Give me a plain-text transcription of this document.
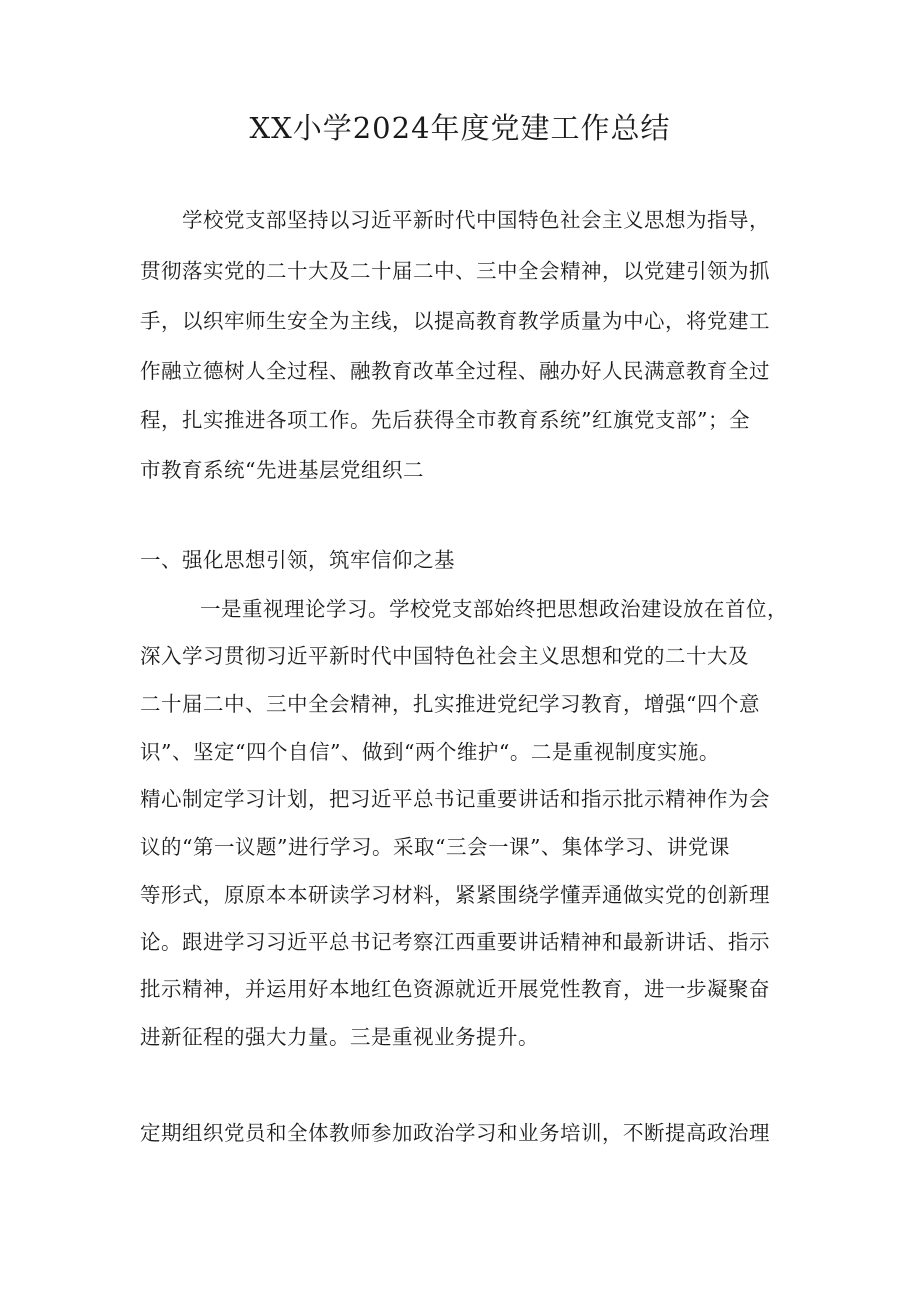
XX小学2024年度党建工作总结
学校党支部坚持以习近平新时代中国特色社会主义思想为指导，
贯彻落实党的二十大及二十届二中、三中全会精神，以党建引领为抓
手，以织牢师生安全为主线，以提高教育教学质量为中心，将党建工
作融立德树人全过程、融教育改革全过程、融办好人民满意教育全过
程，扎实推进各项工作。先后获得全市教育系统”红旗党支部”；全
市教育系统“先进基层党组织二
一、强化思想引领，筑牢信仰之基
一是重视理论学习。学校党支部始终把思想政治建设放在首位，
深入学习贯彻习近平新时代中国特色社会主义思想和党的二十大及
二十届二中、三中全会精神，扎实推进党纪学习教育，增强“四个意
识”、坚定“四个自信”、做到“两个维护“。二是重视制度实施。
精心制定学习计划，把习近平总书记重要讲话和指示批示精神作为会
议的“第一议题”进行学习。采取“三会一课”、集体学习、讲党课
等形式，原原本本研读学习材料，紧紧围绕学懂弄通做实党的创新理
论。跟进学习习近平总书记考察江西重要讲话精神和最新讲话、指示
批示精神，并运用好本地红色资源就近开展党性教育，进一步凝聚奋
进新征程的强大力量。三是重视业务提升。
定期组织党员和全体教师参加政治学习和业务培训，不断提高政治理
